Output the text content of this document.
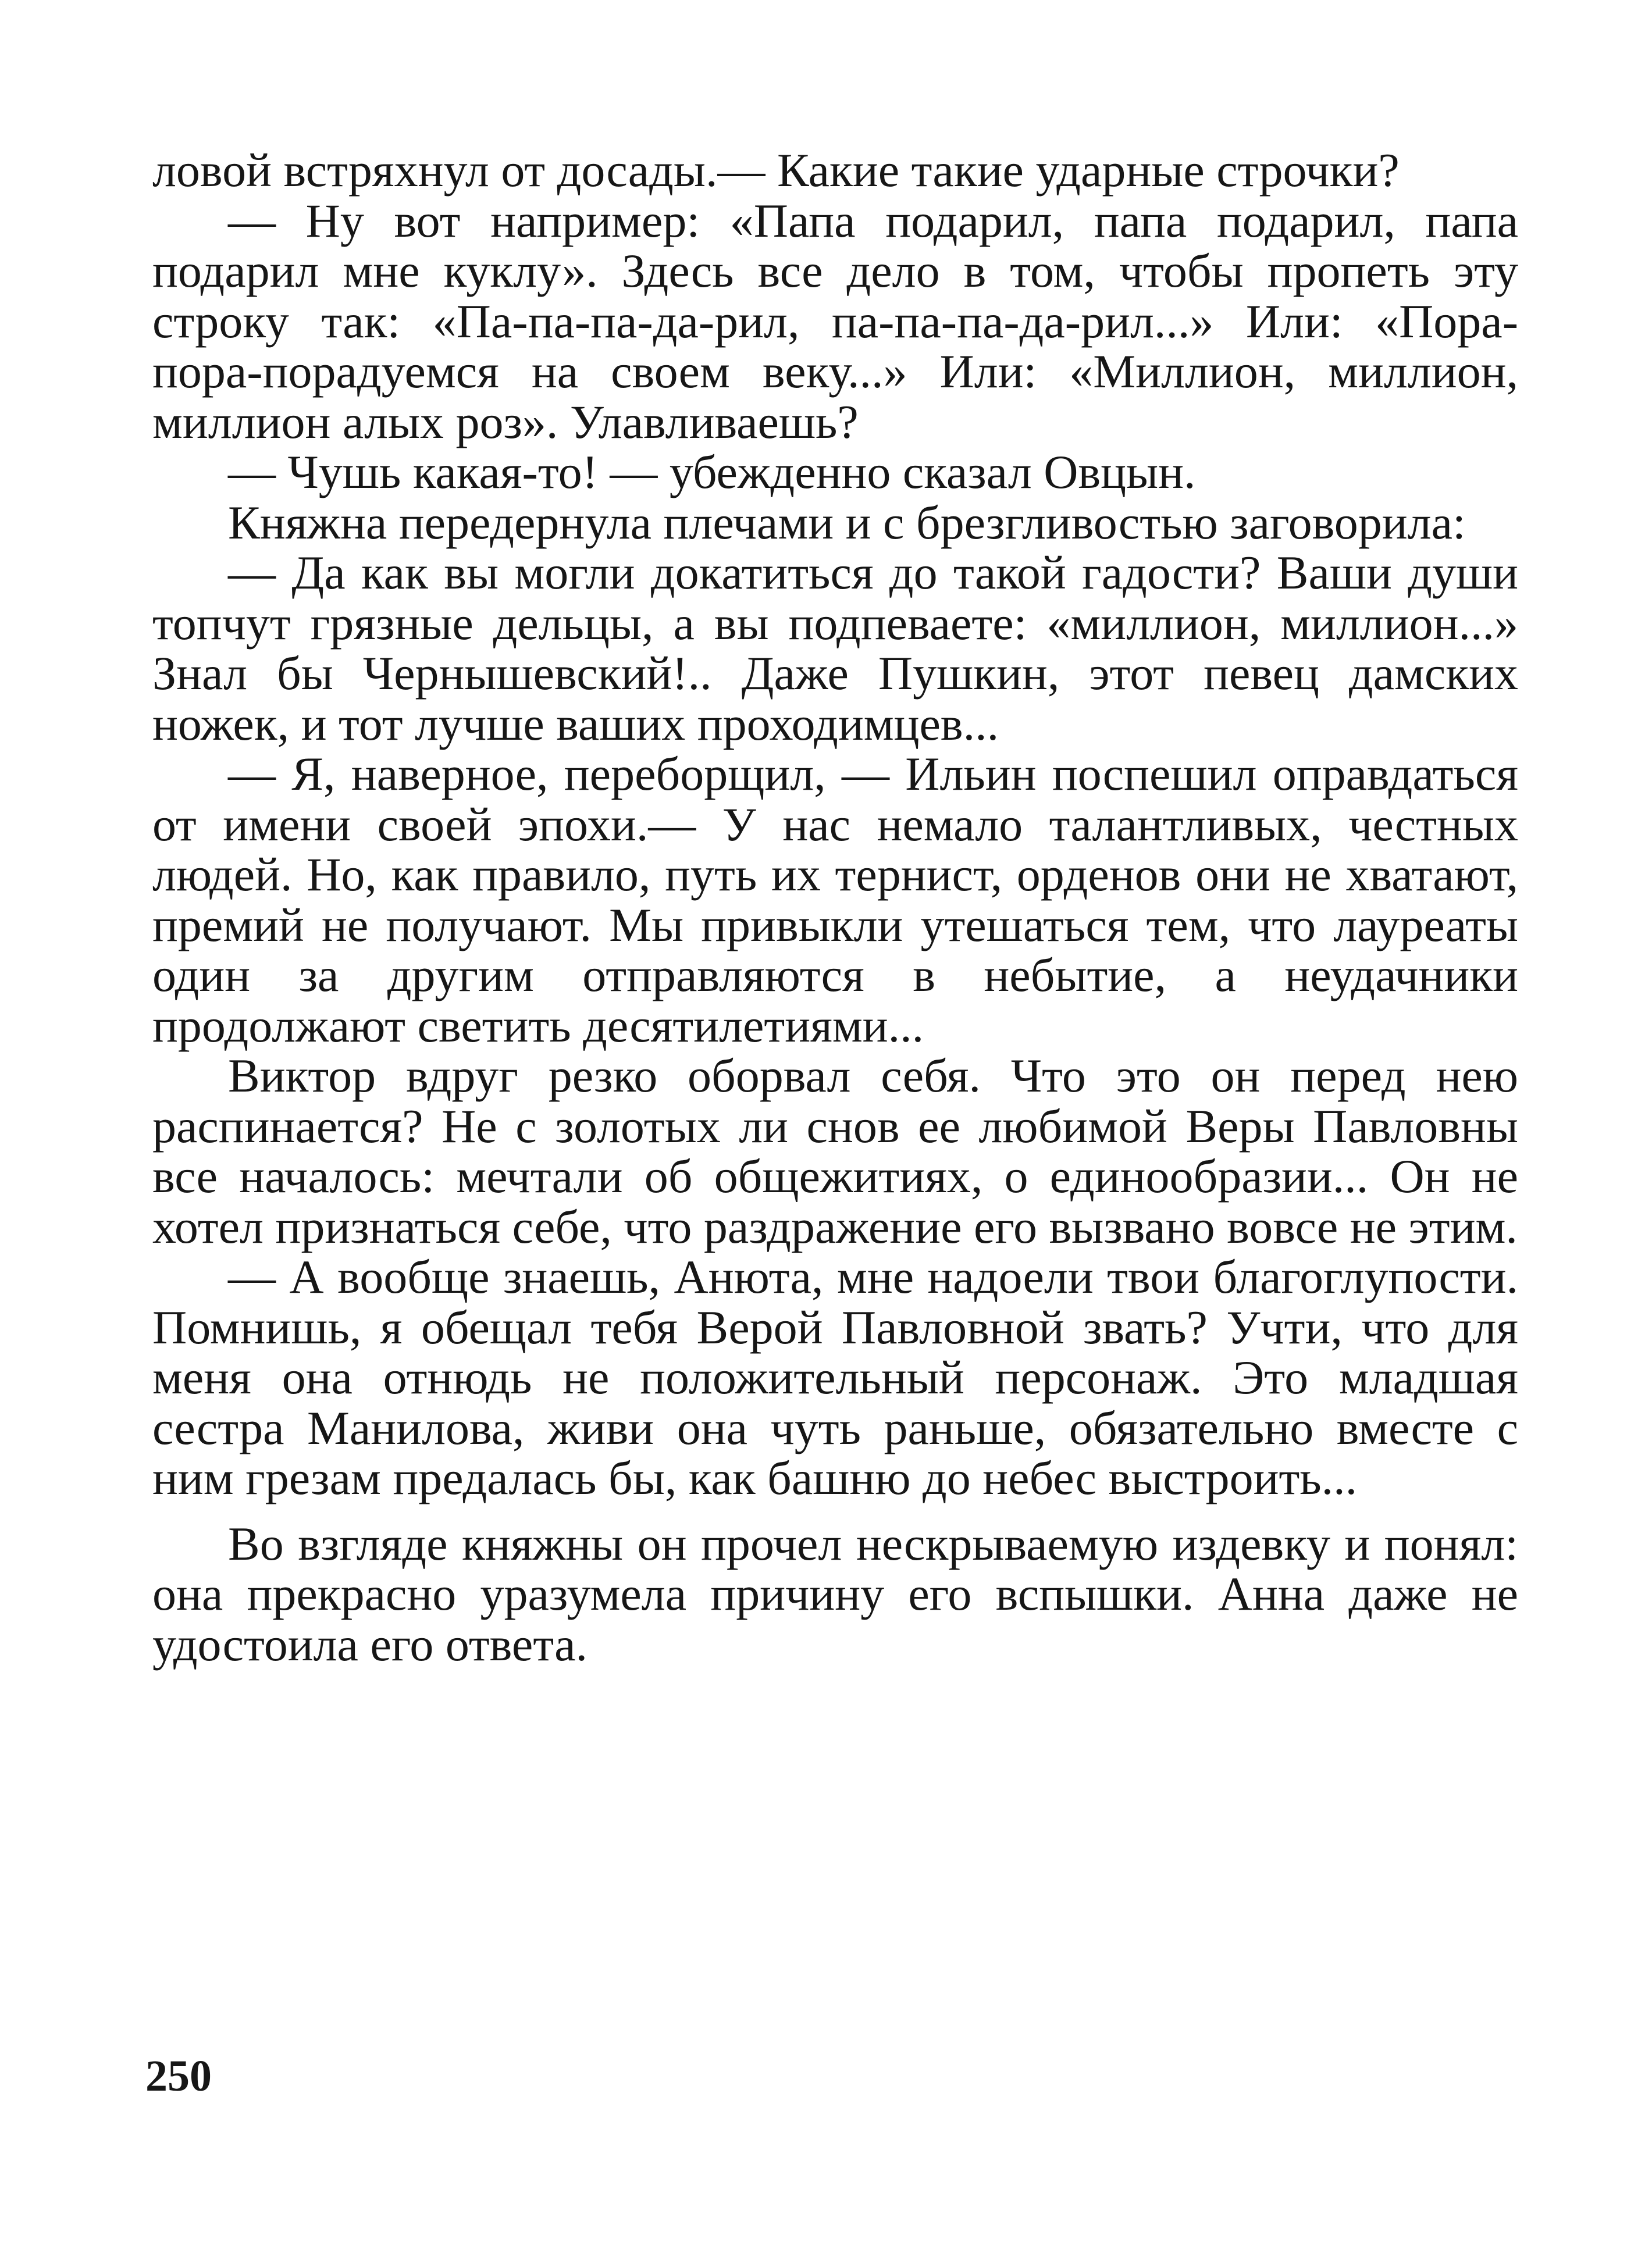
ловой встряхнул от досады.— Какие такие ударные строчки?

— Ну вот например: «Папа подарил, папа подарил, папа подарил мне куклу». Здесь все дело в том, чтобы пропеть эту строку так: «Па-па-па-да-рил, па-па-па-да-рил...» Или: «Пора-пора-порадуемся на своем веку...» Или: «Миллион, миллион, миллион алых роз». Улавливаешь?

— Чушь какая-то! — убежденно сказал Овцын.

Княжна передернула плечами и с брезгливостью заговорила:

— Да как вы могли докатиться до такой гадости? Ваши души топчут грязные дельцы, а вы подпеваете: «миллион, миллион...» Знал бы Чернышевский!.. Даже Пушкин, этот певец дамских ножек, и тот лучше ваших проходимцев...

— Я, наверное, переборщил, — Ильин поспешил оправдаться от имени своей эпохи.— У нас немало талантливых, честных людей. Но, как правило, путь их тернист, орденов они не хватают, премий не получают. Мы привыкли утешаться тем, что лауреаты один за другим отправляются в небытие, а неудачники продолжают светить десятилетиями...

Виктор вдруг резко оборвал себя. Что это он перед нею распинается? Не с золотых ли снов ее любимой Веры Павловны все началось: мечтали об общежитиях, о единообразии... Он не хотел признаться себе, что раздражение его вызвано вовсе не этим.

— А вообще знаешь, Анюта, мне надоели твои благоглупости. Помнишь, я обещал тебя Верой Павловной звать? Учти, что для меня она отнюдь не положительный персонаж. Это младшая сестра Манилова, живи она чуть раньше, обязательно вместе с ним грезам предалась бы, как башню до небес выстроить...

Во взгляде княжны он прочел нескрываемую издевку и понял: она прекрасно уразумела причину его вспышки. Анна даже не удостоила его ответа.

250
